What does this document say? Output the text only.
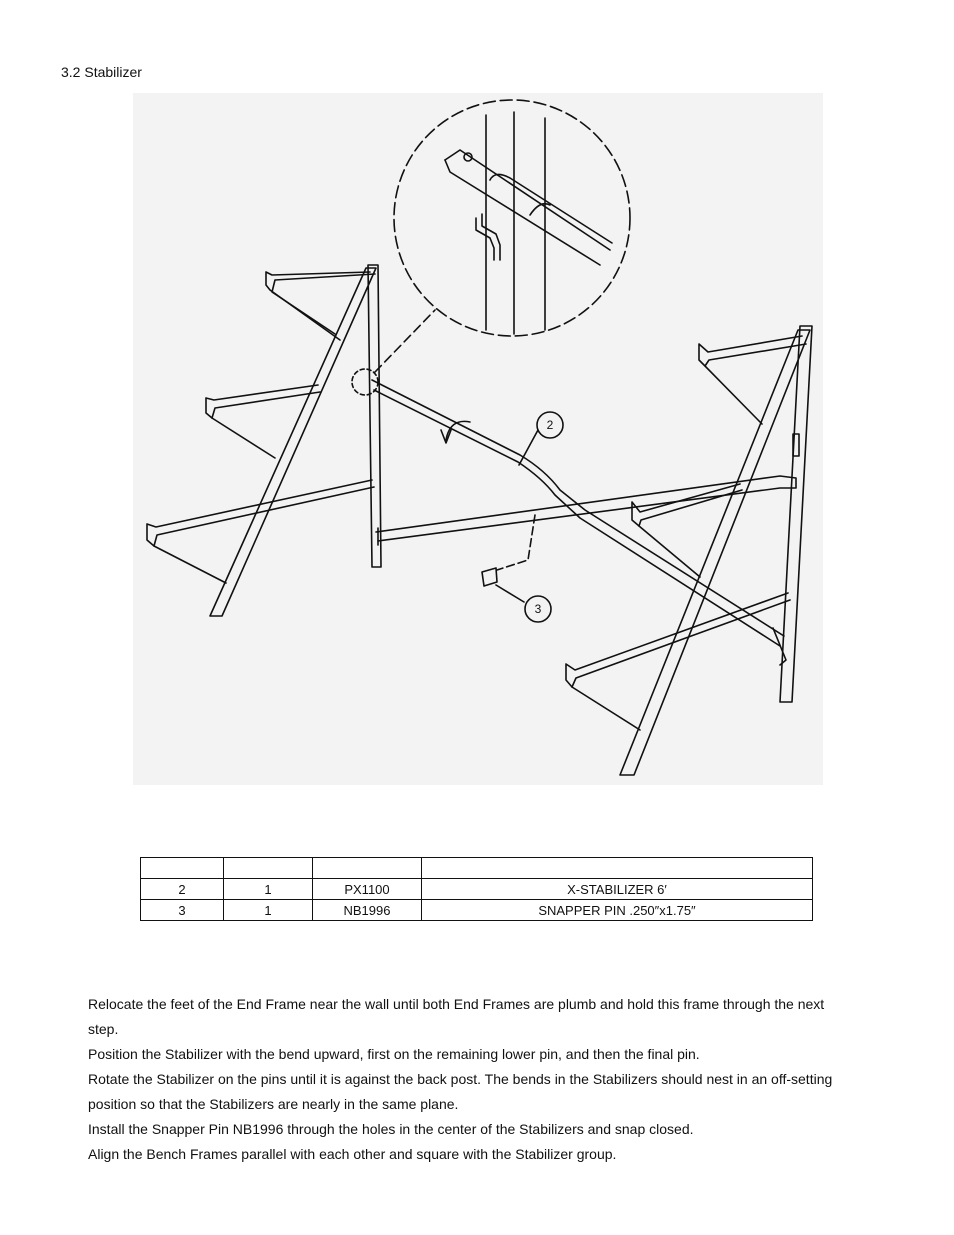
3.2 Stabilizer
2
3

2	1	PX1100	X-STABILIZER 6′
3	1	NB1996	SNAPPER PIN .250″x1.75″

Relocate the feet of the End Frame near the wall until both End Frames are plumb and hold this frame through the next step.

Position the Stabilizer with the bend upward, first on the remaining lower pin, and then the final pin.

Rotate the Stabilizer on the pins until it is against the back post. The bends in the Stabilizers should nest in an off-setting position so that the Stabilizers are nearly in the same plane.

Install the Snapper Pin NB1996 through the holes in the center of the Stabilizers and snap closed.

Align the Bench Frames parallel with each other and square with the Stabilizer group.
